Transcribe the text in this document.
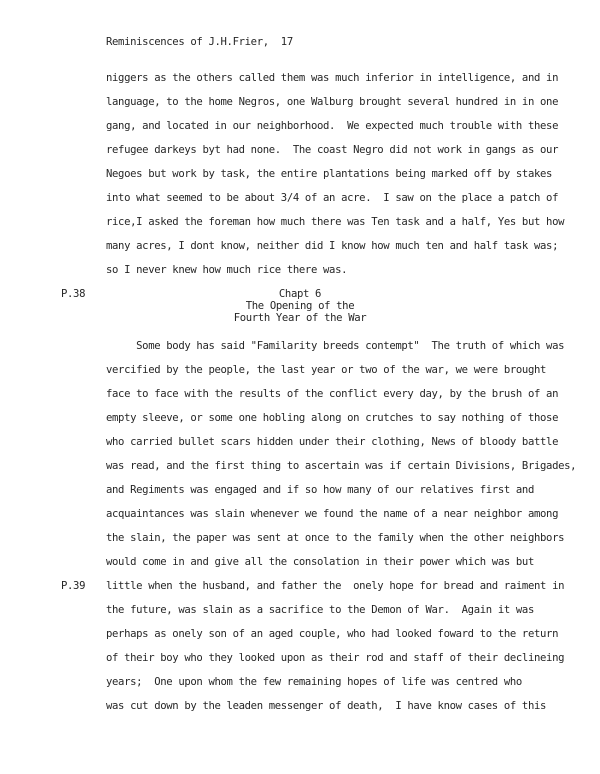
Reminiscences of J.H.Frier,  17
niggers as the others called them was much inferior in intelligence, and in
language, to the home Negros, one Walburg brought several hundred in in one
gang, and located in our neighborhood.  We expected much trouble with these
refugee darkeys byt had none.  The coast Negro did not work in gangs as our
Negoes but work by task, the entire plantations being marked off by stakes
into what seemed to be about 3/4 of an acre.  I saw on the place a patch of
rice,I asked the foreman how much there was Ten task and a half, Yes but how
many acres, I dont know, neither did I know how much ten and half task was;
so I never knew how much rice there was.
P.38	Chapt 6
The Opening of the
Fourth Year of the War
Some body has said "Familarity breeds contempt"  The truth of which was
vercified by the people, the last year or two of the war, we were brought
face to face with the results of the conflict every day, by the brush of an
empty sleeve, or some one hobling along on crutches to say nothing of those
who carried bullet scars hidden under their clothing, News of bloody battle
was read, and the first thing to ascertain was if certain Divisions, Brigades,
and Regiments was engaged and if so how many of our relatives first and
acquaintances was slain whenever we found the name of a near neighbor among
the slain, the paper was sent at once to the family when the other neighbors
would come in and give all the consolation in their power which was but
little when the husband, and father the  onely hope for bread and raiment in
the future, was slain as a sacrifice to the Demon of War.  Again it was
perhaps as onely son of an aged couple, who had looked foward to the return
of their boy who they looked upon as their rod and staff of their declineing
years;  One upon whom the few remaining hopes of life was centred who
was cut down by the leaden messenger of death,  I have know cases of this
P.39
